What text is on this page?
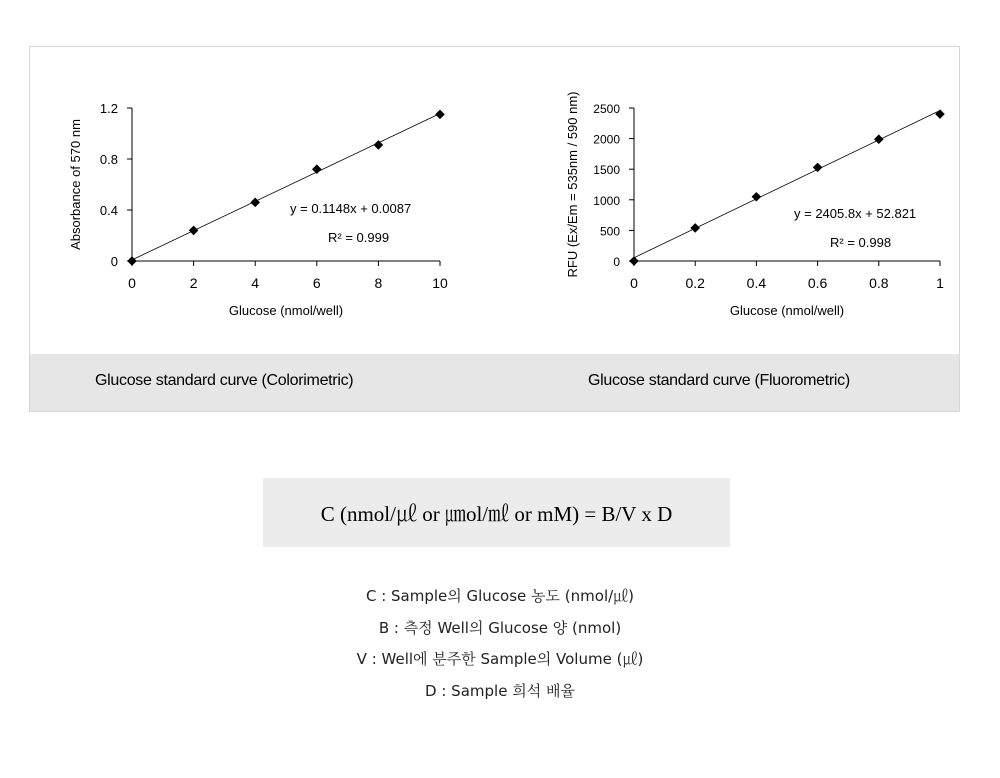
0	2	4	6	8	10
0
0.4
0.8
1.2
Glucose (nmol/well)
Absorbance of 570 nm	y = 0.1148x + 0.0087
R² = 0.999
0	0.2	0.4	0.6	0.8	1
0
500
1000
1500
2000
2500
Glucose (nmol/well)
RFU (Ex/Em = 535nm / 590 nm)	y = 2405.8x + 52.821
R² = 0.998
Glucose standard curve (Colorimetric)	Glucose standard curve (Fluorometric)
C (nmol/㎕ or ㎛ol/㎖ or mM) = B/V x D
C : Sample의 Glucose 농도 (nmol/㎕)
B : 측정 Well의 Glucose 양 (nmol)
V : Well에 분주한 Sample의 Volume (㎕)
D : Sample 희석 배율
